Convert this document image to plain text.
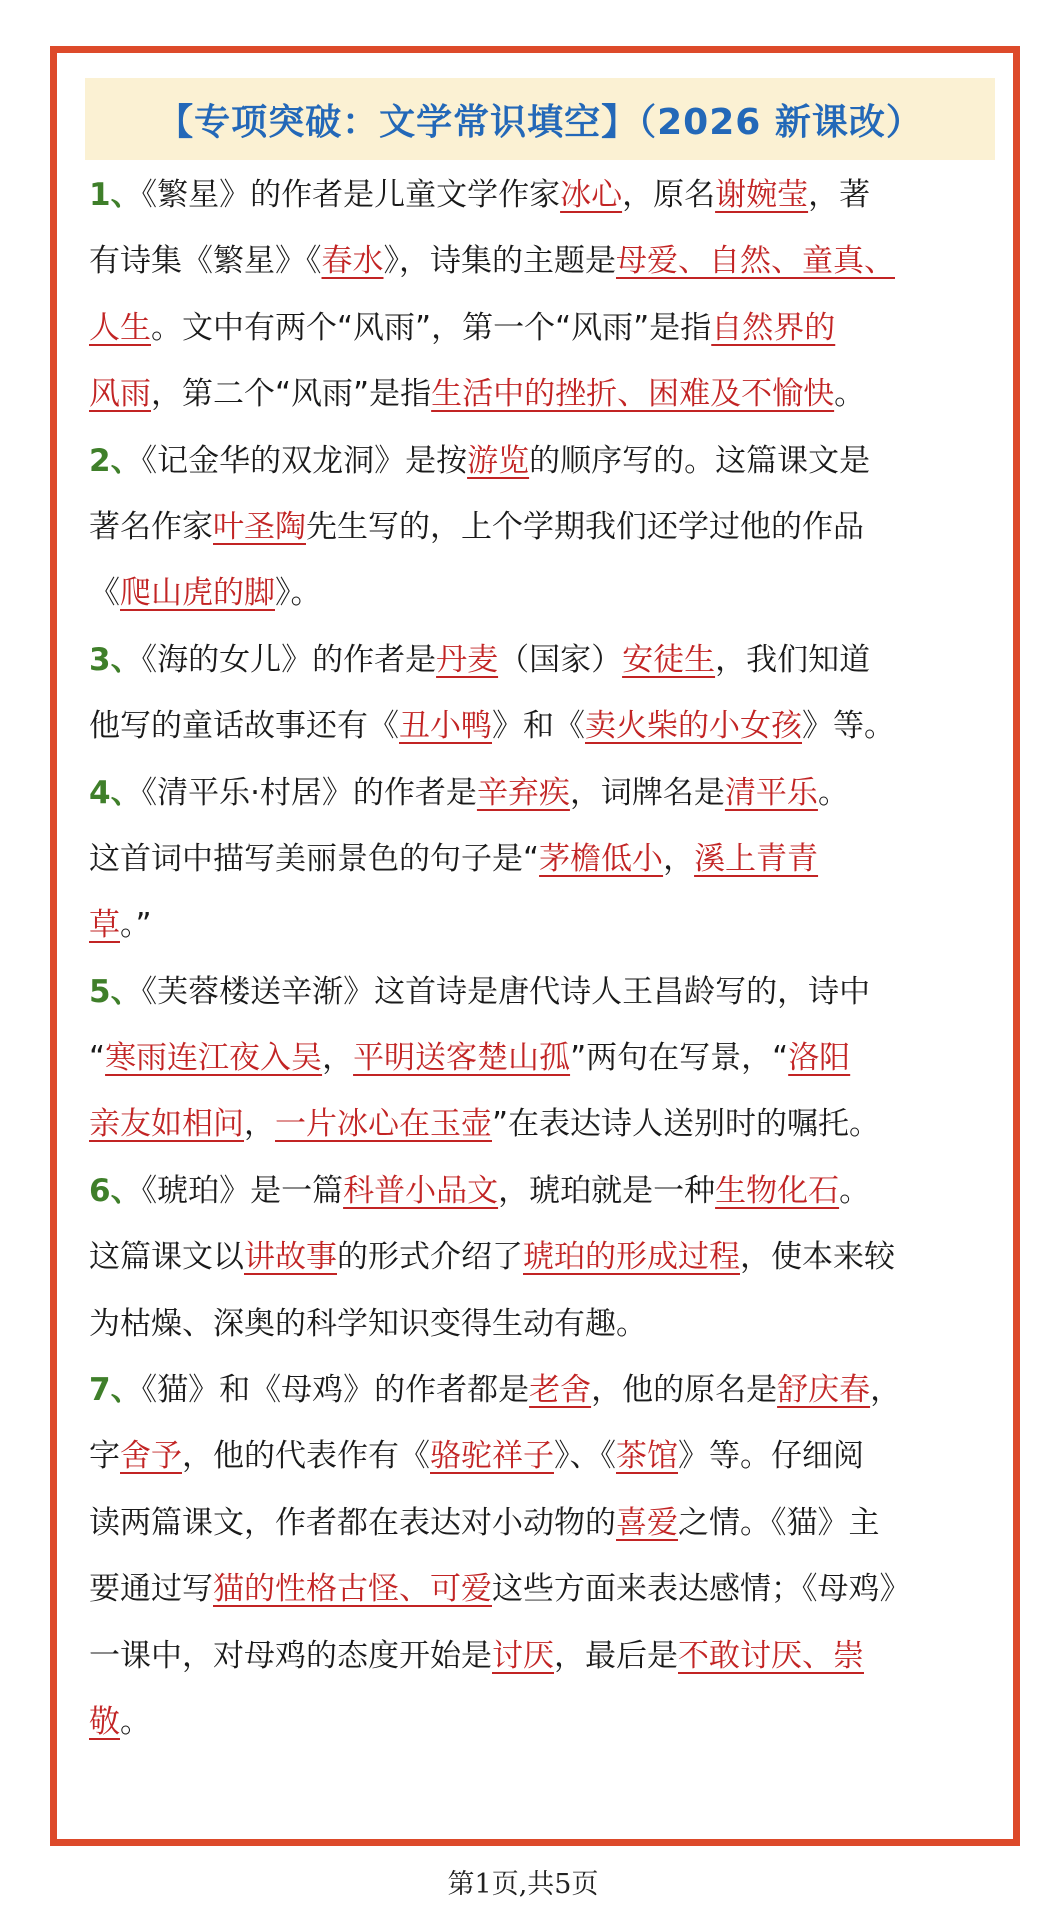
【专项突破：文学常识填空】（2026 新课改）
1、《繁星》的作者是儿童文学作家冰心，原名谢婉莹，著
有诗集《繁星》《春水》，诗集的主题是母爱、自然、童真、
人生。文中有两个“风雨”，第一个“风雨”是指自然界的
风雨，第二个“风雨”是指生活中的挫折、困难及不愉快。
2、《记金华的双龙洞》是按游览的顺序写的。这篇课文是
著名作家叶圣陶先生写的，上个学期我们还学过他的作品
《爬山虎的脚》。
3、《海的女儿》的作者是丹麦（国家）安徒生，我们知道
他写的童话故事还有《丑小鸭》和《卖火柴的小女孩》等。
4、《清平乐·村居》的作者是辛弃疾，词牌名是清平乐。
这首词中描写美丽景色的句子是“茅檐低小，溪上青青
草。”
5、《芙蓉楼送辛渐》这首诗是唐代诗人王昌龄写的，诗中
“寒雨连江夜入吴，平明送客楚山孤”两句在写景，“洛阳
亲友如相问，一片冰心在玉壶”在表达诗人送别时的嘱托。
6、《琥珀》是一篇科普小品文，琥珀就是一种生物化石。
这篇课文以讲故事的形式介绍了琥珀的形成过程，使本来较
为枯燥、深奥的科学知识变得生动有趣。
7、《猫》和《母鸡》的作者都是老舍，他的原名是舒庆春，
字舍予，他的代表作有《骆驼祥子》、《茶馆》等。仔细阅
读两篇课文，作者都在表达对小动物的喜爱之情。《猫》主
要通过写猫的性格古怪、可爱这些方面来表达感情；《母鸡》
一课中，对母鸡的态度开始是讨厌，最后是不敢讨厌、崇
敬。
第1页,共5页
